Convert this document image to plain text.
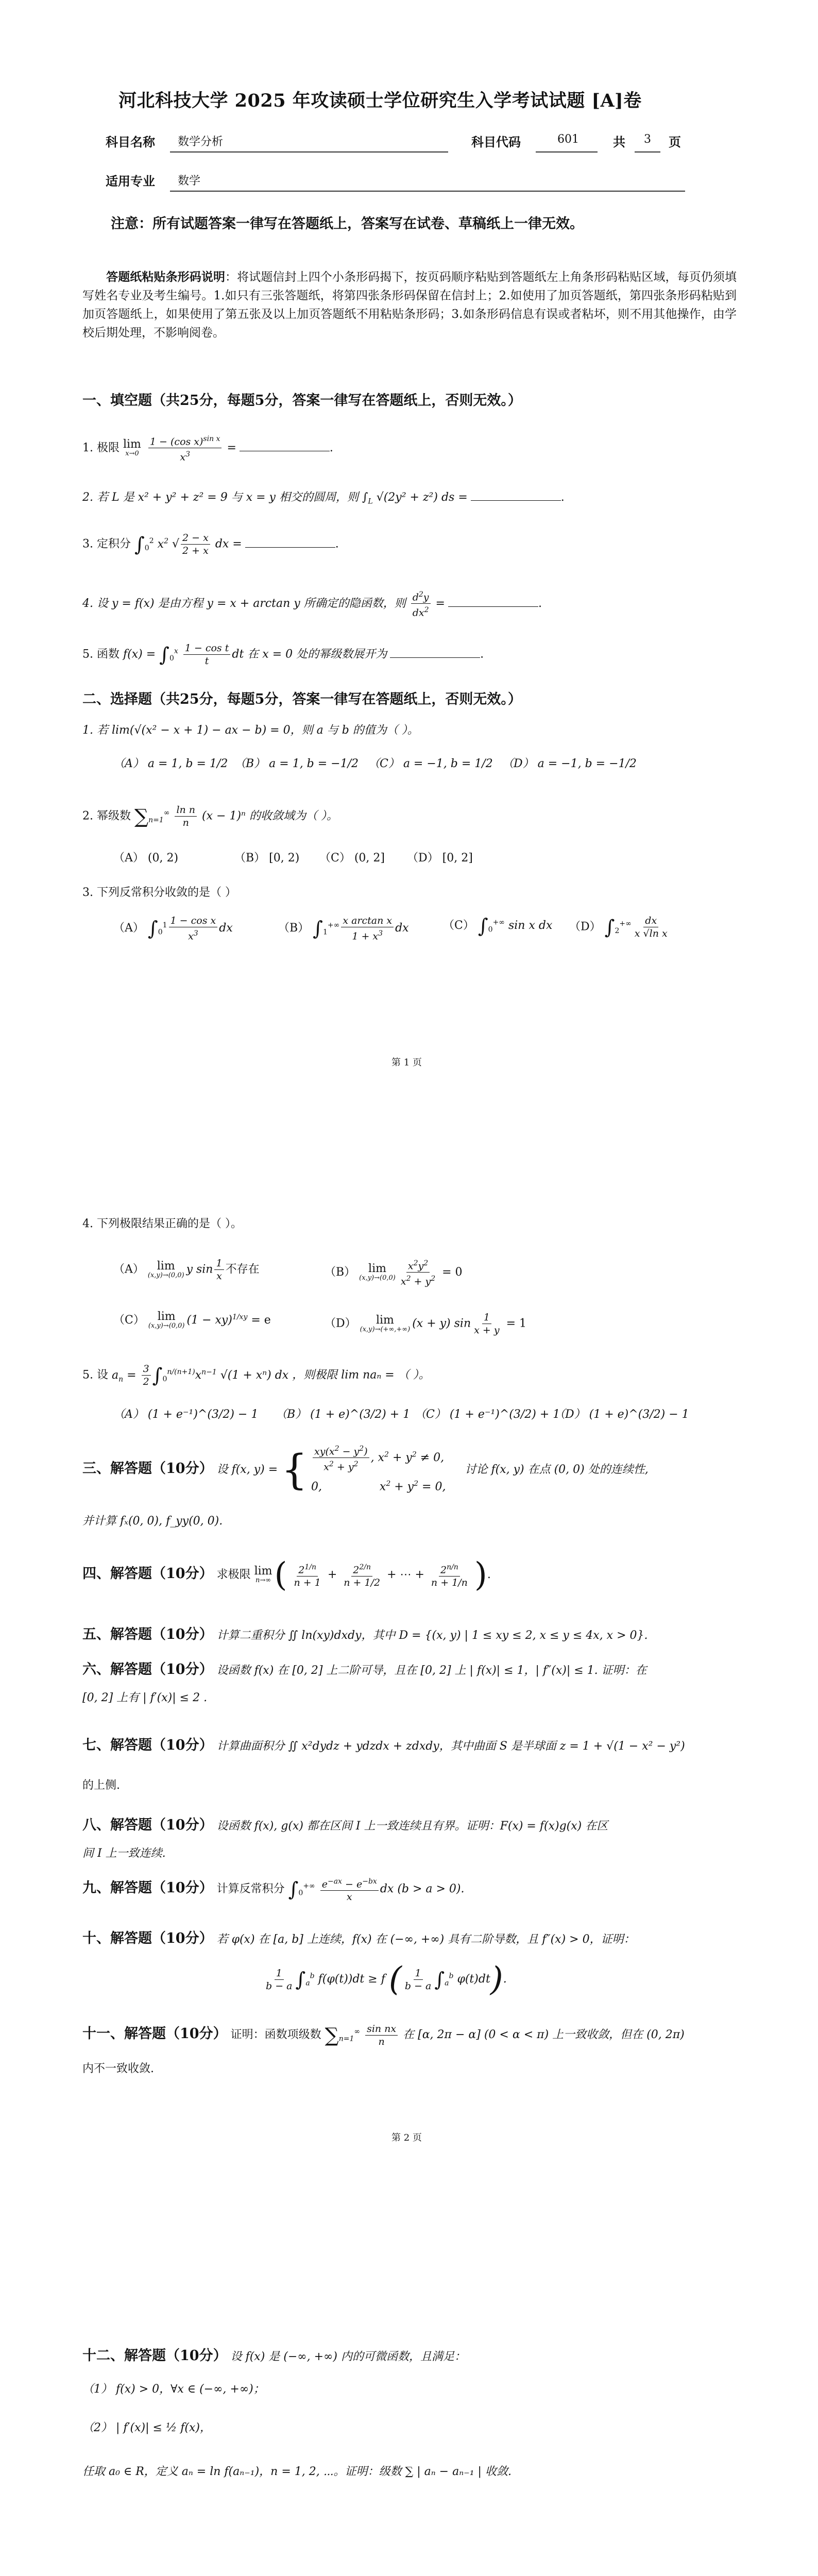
河北科技大学 2025 年攻读硕士学位研究生入学考试试题 [A]卷
科目名称 数学分析	科目代码	601	共 3 页
适用专业 数学
注意：所有试题答案一律写在答题纸上，答案写在试卷、草稿纸上一律无效。
答题纸粘贴条形码说明：将试题信封上四个小条形码揭下，按页码顺序粘贴到答题纸左上角条形码粘贴区域，每页仍须填写姓名专业及考生编号。1.如只有三张答题纸，将第四张条形码保留在信封上；2.如使用了加页答题纸，第四张条形码粘贴到加页答题纸上，如果使用了第五张及以上加页答题纸不用粘贴条形码；3.如条形码信息有误或者粘坏，则不用其他操作，由学校后期处理，不影响阅卷。
一、填空题（共25分，每题5分，答案一律写在答题纸上，否则无效。）
1. 极限 lim
x→0
$\frac{1 - (\cos x)^{sin x}}{x^3}$ =	.
2. 若 L 是 x² + y² + z² = 9 与 x = y 相交的圆周，则 $\int_L$ √(2y² + z²) ds =	.
3. 定积分 $\int_0^2$ $x^2$ √ $\frac{2 - x}{2 + x}$ dx =	.
4. 设 y = f(x) 是由方程 y = x + arctan y 所确定的隐函数，则 $\frac{d^2y}{dx^2}$ =	.
5. 函数 $f(x) = \int_0^x \frac{\text{1 − cos t}}{t}$ dt 在 x = 0 处的幂级数展开为	.
二、选择题（共25分，每题5分，答案一律写在答题纸上，否则无效。）
1. 若 lim(√(x² − x + 1) − ax − b) = 0，则 a 与 b 的值为（ ）。
（A） a = 1, b = 1/2 （B） a = 1, b = −1/2 （C） a = −1, b = 1/2 （D） a = −1, b = −1/2
2. 幂级数 $\sum_{n=1}^\infty \frac{\text{ln n}}{n} (x - 1)^n$ 的收敛域为（ ）。
（A） (0, 2)	（B） [0, 2) （C） (0, 2] （D） [0, 2]
3. 下列反常积分收敛的是（ ）
（A） $\int_0^1 \frac{\text{1 − cos x}}{x^3}$ dx	（B） $\int_1^{+\infty} \frac{\text{x arctan x}}{1 + x^3}$ dx	（C） $\int_0^{+\infty}$ sin x dx （D） $\int_2^{+\infty} \frac{dx}{\text{x √ln x}}$
第 1 页
4. 下列极限结果正确的是（ ）。
（A） lim
(x,y)→(0,0) y $\sin \frac{1}{x}$ 不存在	（B） lim
$(x,y)\to(0,0) \frac{x^2y^2}{x^2 + y^2} = 0$
（C） lim
(x,y)→(0,0) (1 − xy)$^{1/xy}$ = e	（D） lim
(x,y)→(+∞,+∞) (x + y) $\sin \frac{1}{x + y} = 1$
5. 设 $a_n = \frac{3}{2} \int_0^{n/(n+1)}x^{n-1}$ √(1 + xⁿ) dx ，则极限 lim naₙ = （ ）。
（A） (1 + e⁻¹)^(3/2) − 1 （B） (1 + e)^(3/2) + 1 （C） (1 + e⁻¹)^(3/2) + 1
（D） (1 + e)^(3/2) − 1
三、解答题（10分） 设 f(x, y) = { $\frac{xy(x^2 - y^2)}{x^2 + y^2}$ , $x^2 + y^2 \ne 0$,
0,                $x^2 + y^2 = 0$,
讨论 f(x, y) 在点 (0, 0) 处的连续性,
并计算 fₓ(0, 0), f_yy(0, 0).
四、解答题（10分） 求极限 lim
n→∞ ( $\frac{2^{1/n}}{n + 1} + \frac{2^{2/n}}{n + 1/2}$ + ⋯ + $\frac{2^{n/n}}{n + 1/n}$ ).
五、解答题（10分） 计算二重积分 ∬ ln(xy)dxdy，其中 D = {(x, y) | 1 ≤ xy ≤ 2, x ≤ y ≤ 4x, x > 0}.
六、解答题（10分） 设函数 f(x) 在 [0, 2] 上二阶可导，且在 [0, 2] 上 | f(x)| ≤ 1，| f″(x)| ≤ 1. 证明：在
[0, 2] 上有 | f′(x)| ≤ 2 .
七、解答题（10分） 计算曲面积分 ∬ x²dydz + ydzdx + zdxdy，其中曲面 S 是半球面 z = 1 + √(1 − x² − y²)
的上侧.
八、解答题（10分） 设函数 f(x), g(x) 都在区间 I 上一致连续且有界。证明：F(x) = f(x)g(x) 在区
间 I 上一致连续.
九、解答题（10分） 计算反常积分 $\int_0^{+\infty} \frac{e^{-ax} - e^{-bx}}{x}$ dx (b > a > 0).
十、解答题（10分） 若 φ(x) 在 [a, b] 上连续，f(x) 在 (−∞, +∞) 具有二阶导数，且 f″(x) > 0，证明：
$\frac{1}{b - a} \int_a^b$ f(φ(t))dt ≥ f ( $\frac{1}{b - a} \int_a^b$ φ(t)dt).
十一、解答题（10分） 证明：函数项级数 $\sum_{n=1}^\infty \frac{\text{sin nx}}{n}$ 在 [α, 2π − α] (0 < α < π) 上一致收敛，但在 (0, 2π)
内不一致收敛.
第 2 页
十二、解答题（10分） 设 f(x) 是 (−∞, +∞) 内的可微函数，且满足：
（1） f(x) > 0，∀x ∈ (−∞, +∞)；
（2） | f′(x)| ≤ ½ f(x)，
任取 a₀ ∈ R，定义 aₙ = ln f(aₙ₋₁)，n = 1, 2, ⋯。证明：级数 ∑ | aₙ − aₙ₋₁ | 收敛.
